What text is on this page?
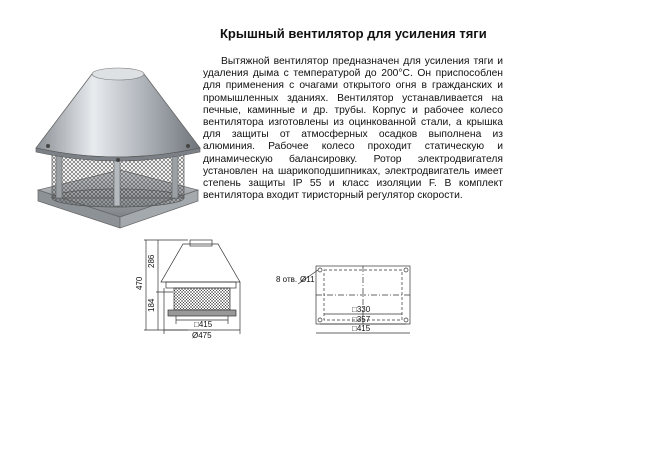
Крышный вентилятор для усиления тяги

Вытяжной вентилятор предназначен для усиления тяги и удаления дыма с температурой до 200°С. Он приспособлен для применения с очагами открытого огня в гражданских и промышленных зданиях. Вентилятор устанавливается на печные, каминные и др. трубы. Корпус и рабочее колесо вентилятора изготовлены из оцинкованной стали, а крышка для защиты от атмосферных осадков выполнена из алюминия. Рабочее колесо проходит статическую и динамическую балансировку. Ротор электродвигателя установлен на шарикоподшипниках, электродвигатель имеет степень защиты IP 55 и класс изоляции F. В комплект вентилятора входит тиристорный регулятор скорости.

470
286
184
□415
Ø475
8 отв. Ø11
□330
□357
□415
